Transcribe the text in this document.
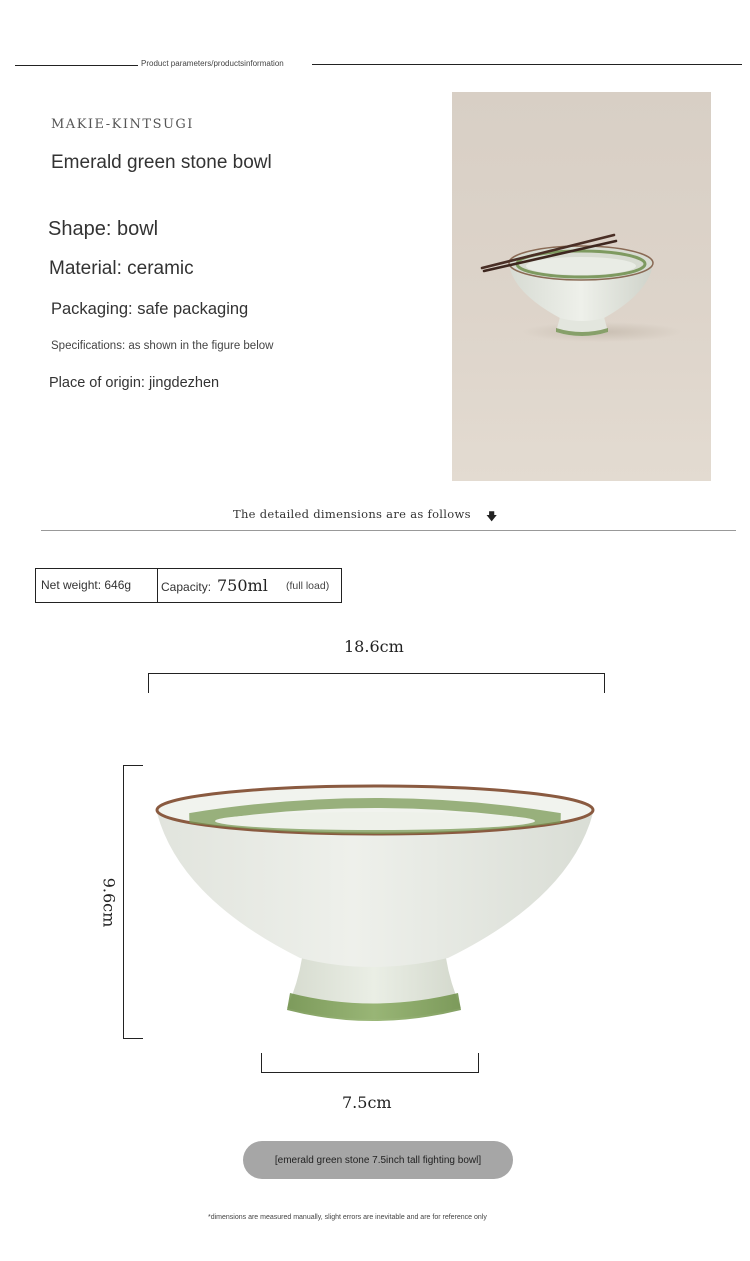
Product parameters/productsinformation
MAKIE-KINTSUGI
Emerald green stone bowl
Shape: bowl
Material: ceramic
Packaging: safe packaging
Specifications: as shown in the figure below
Place of origin: jingdezhen
The detailed dimensions are as follows 🡇
Net weight: 646g Capacity: 750ml (full load)
18.6cm
9.6cm
7.5cm
[emerald green stone 7.5inch tall fighting bowl]
*dimensions are measured manually, slight errors are inevitable and are for reference only
